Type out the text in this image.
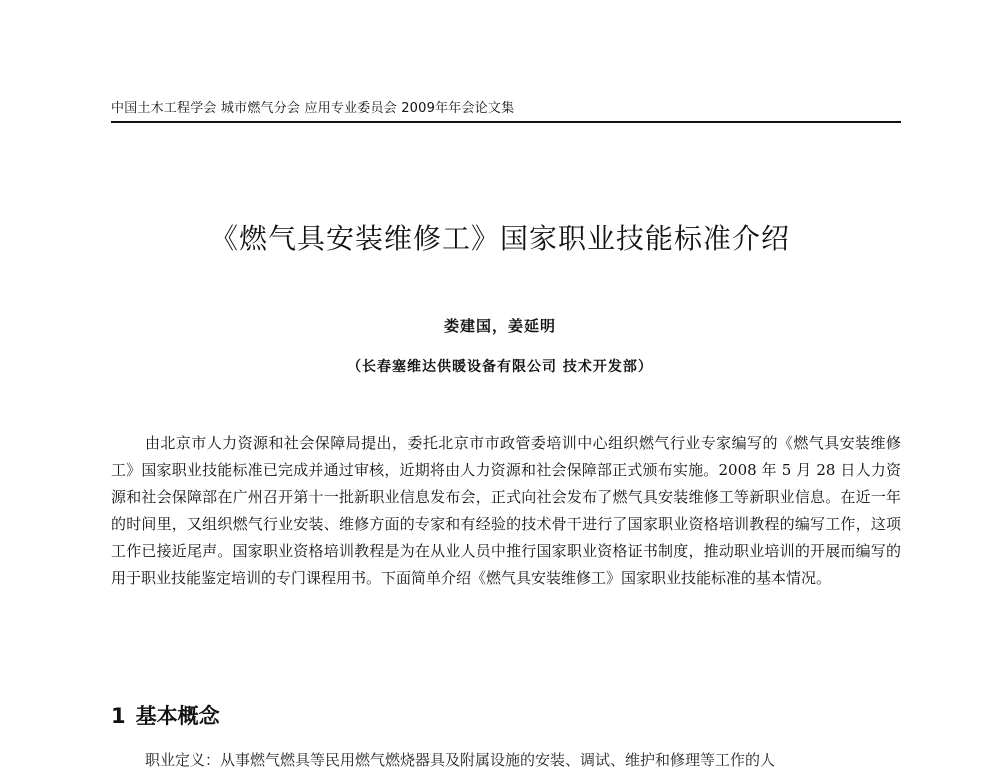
中国土木工程学会 城市燃气分会 应用专业委员会 2009年年会论文集
《燃气具安装维修工》国家职业技能标准介绍
娄建国，姜延明
（长春塞维达供暖设备有限公司 技术开发部）

由北京市人力资源和社会保障局提出，委托北京市市政管委培训中心组织燃气行业专家编写的《燃气具安装维修工》国家职业技能标准已完成并通过审核，近期将由人力资源和社会保障部正式颁布实施。2008 年 5 月 28 日人力资源和社会保障部在广州召开第十一批新职业信息发布会，正式向社会发布了燃气具安装维修工等新职业信息。在近一年的时间里，又组织燃气行业安装、维修方面的专家和有经验的技术骨干进行了国家职业资格培训教程的编写工作，这项工作已接近尾声。国家职业资格培训教程是为在从业人员中推行国家职业资格证书制度，推动职业培训的开展而编写的用于职业技能鉴定培训的专门课程用书。下面简单介绍《燃气具安装维修工》国家职业技能标准的基本情况。

1 基本概念

职业定义：从事燃气燃具等民用燃气燃烧器具及附属设施的安装、调试、维护和修理等工作的人
